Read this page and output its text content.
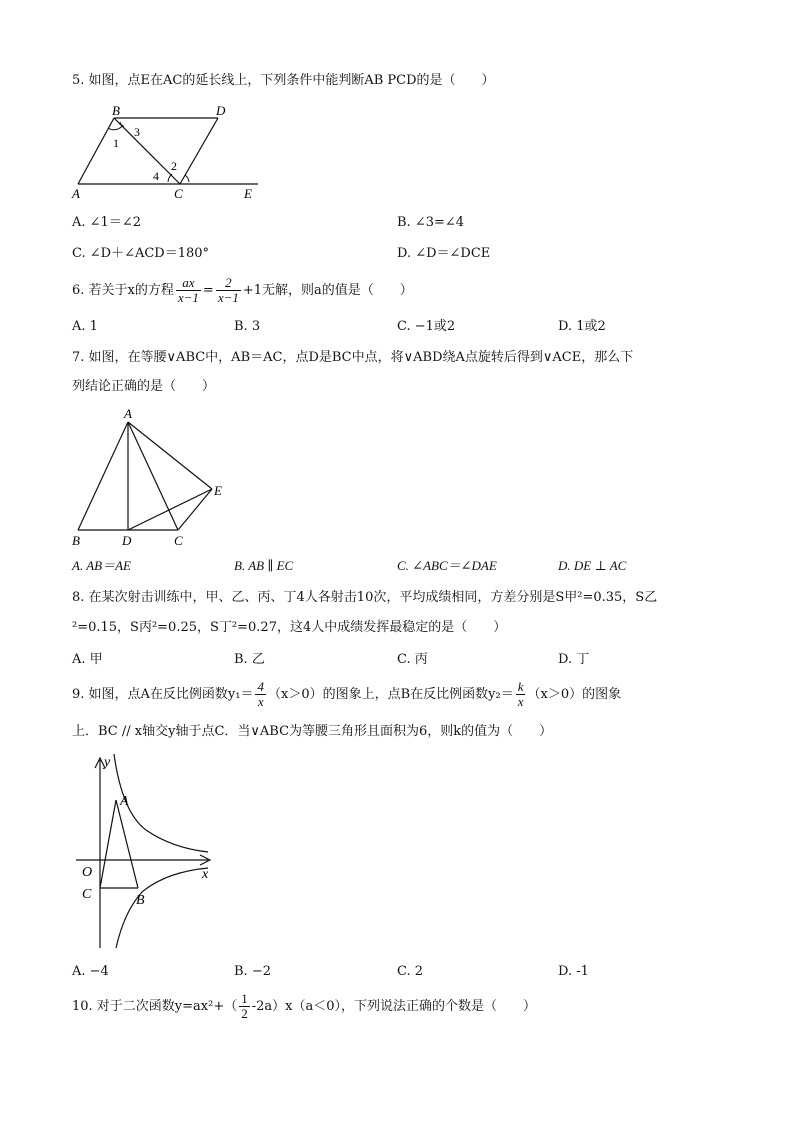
5. 如图，点E在AC的延长线上，下列条件中能判断AB PCD的是（　　）
B	D
A	C	E
1
2
3
4
A. ∠1＝∠2	B. ∠3=∠4
C. ∠D＋∠ACD＝180°	D. ∠D＝∠DCE
6. 若关于x的方程 $\frac{ax}{x-1} = \frac{2}{x-1} +1$无解，则a的值是（　　）
A. 1	B. 3	C. −1或2	D. 1或2
7. 如图，在等腰∨ABC中，AB＝AC，点D是BC中点，将∨ABD绕A点旋转后得到∨ACE，那么下
列结论正确的是（　　）
A
B	D	C
E
A. AB＝AE	B. AB ∥ EC	C. ∠ABC＝∠DAE	D. DE ⊥ AC
8. 在某次射击训练中，甲、乙、丙、丁4人各射击10次，平均成绩相同，方差分别是S甲²=0.35，S乙
²=0.15，S丙²=0.25，S丁²=0.27，这4人中成绩发挥最稳定的是（　　）
A. 甲	B. 乙	C. 丙	D. 丁
9. 如图，点A在反比例函数$y_1= \frac{4}{x} (x>0)$的图象上，点B在反比例函数$y_2= \frac{k}{x} (x>0)$的图象
上．BC // x轴交y轴于点C．当∨ABC为等腰三角形且面积为6，则k的值为（　　）
y
x
O
A
C	B
A. −4	B. −2	C. 2	D. -1
10. 对于二次函数$y=ax^2+( \frac{1}{2} -2a)x(a<0)$，下列说法正确的个数是（　　）
